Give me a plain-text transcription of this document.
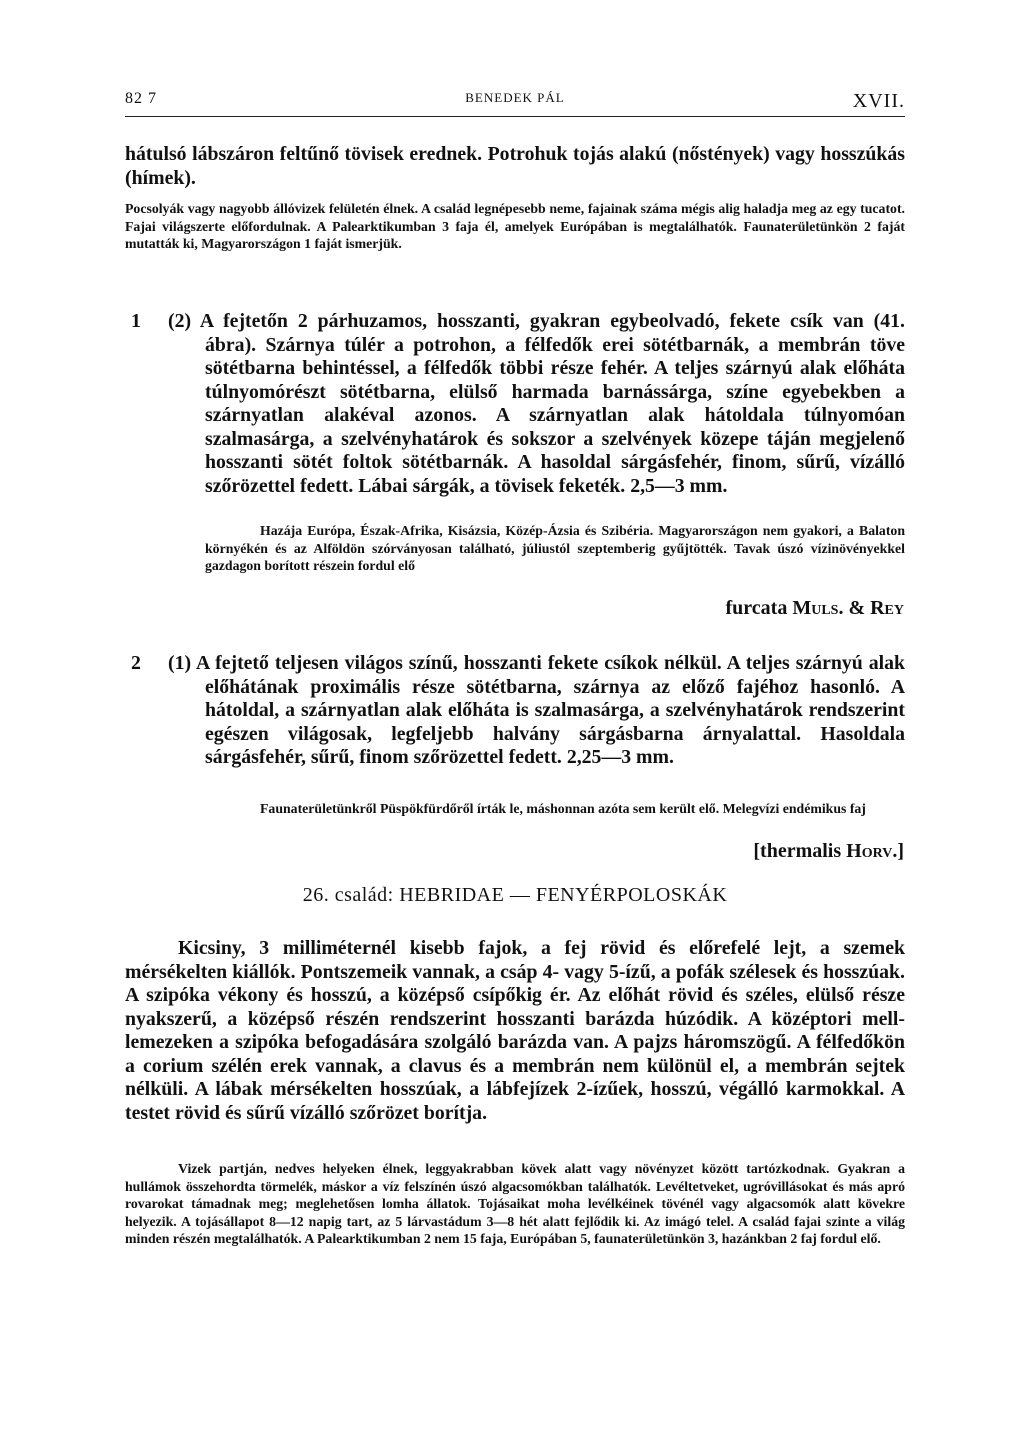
82 7	BENEDEK PÁL	XVII.

hátulsó lábszáron feltűnő tövisek erednek. Potrohuk tojás alakú (nőstények) vagy hosszúkás (hímek).

Pocsolyák vagy nagyobb állóvizek felületén élnek. A család legnépesebb neme, fajainak száma mégis alig haladja meg az egy tucatot. Fajai világszerte előfordulnak. A Palearktikumban 3 faja él, amelyek Európában is megtalálhatók. Faunaterületünkön 2 faját mutatták ki, Magyarországon 1 faját ismerjük.

1 (2) A fejtetőn 2 párhuzamos, hosszanti, gyakran egybeolvadó, fekete csík van (41. ábra). Szárnya túlér a potrohon, a félfedők erei sötétbarnák, a membrán töve sötétbarna behintéssel, a félfedők többi része fehér. A teljes szárnyú alak előháta túlnyomórészt sötétbarna, elülső harmada barnássárga, színe egyebekben a szárnyatlan alakéval azonos. A szárnyatlan alak hátoldala túlnyomóan szalmasárga, a szelvényhatárok és sokszor a szelvények közepe táján megjelenő hosszanti sötét foltok sötétbarnák. A hasoldal sárgásfehér, finom, sűrű, vízálló szőrözettel fedett. Lábai sárgák, a tövisek feketék. 2,5—3 mm.

Hazája Európa, Észak-Afrika, Kisázsia, Közép-Ázsia és Szibéria. Magyarországon nem gyakori, a Balaton környékén és az Alföldön szórványosan található, júliustól szeptemberig gyűjtötték. Tavak úszó vízinövényekkel gazdagon borított részein fordul elő

furcata Muls. & Rey
2 (1) A fejtető teljesen világos színű, hosszanti fekete csíkok nélkül. A teljes szárnyú alak előhátának proximális része sötétbarna, szárnya az előző fajéhoz hasonló. A hátoldal, a szárnyatlan alak előháta is szalmasárga, a szelvényhatárok rendszerint egészen világosak, legfeljebb halvány sárgásbarna árnyalattal. Hasoldala sárgásfehér, sűrű, finom szőrözettel fedett. 2,25—3 mm.

Faunaterületünkről Püspökfürdőről írták le, máshonnan azóta sem került elő. Melegvízi endémikus faj

[thermalis Horv.]
26. család: HEBRIDAE — FENYÉRPOLOSKÁK

Kicsiny, 3 milliméternél kisebb fajok, a fej rövid és előrefelé lejt, a szemek mérsékelten kiállók. Pontszemeik vannak, a csáp 4- vagy 5-ízű, a pofák szélesek és hosszúak. A szipóka vékony és hosszú, a középső csípőkig ér. Az előhát rövid és széles, elülső része nyakszerű, a középső részén rendszerint hosszanti barázda húzódik. A középtori mell-lemezeken a szipóka befogadására szolgáló barázda van. A pajzs háromszögű. A félfedőkön a corium szélén erek vannak, a clavus és a membrán nem különül el, a membrán sejtek nélküli. A lábak mérsékelten hosszúak, a lábfejízek 2-ízűek, hosszú, végálló karmokkal. A testet rövid és sűrű vízálló szőrözet borítja.

Vizek partján, nedves helyeken élnek, leggyakrabban kövek alatt vagy növényzet között tartózkodnak. Gyakran a hullámok összehordta törmelék, máskor a víz felszínén úszó algacsomókban találhatók. Levéltetveket, ugróvillásokat és más apró rovarokat támadnak meg; meglehetősen lomha állatok. Tojásaikat moha levélkéinek tövénél vagy algacsomók alatt kövekre helyezik. A tojásállapot 8—12 napig tart, az 5 lárvastádum 3—8 hét alatt fejlődik ki. Az imágó telel. A család fajai szinte a világ minden részén megtalálhatók. A Palearktikumban 2 nem 15 faja, Európában 5, faunaterületünkön 3, hazánkban 2 faj fordul elő.
